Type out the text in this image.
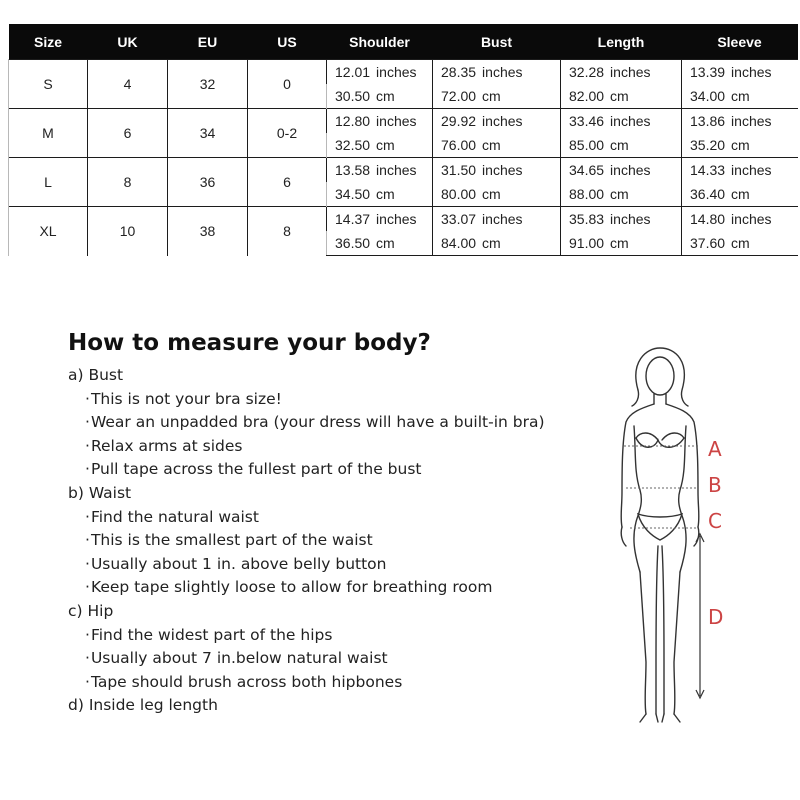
Size	UK	EU	US	Shoulder	Bust	Length	Sleeve
S	4	32	0	12.01 inches	28.35 inches	32.28 inches	13.39 inches
				30.50 cm	72.00 cm	82.00 cm	34.00 cm
M	6	34	0-2	12.80 inches	29.92 inches	33.46 inches	13.86 inches
				32.50 cm	76.00 cm	85.00 cm	35.20 cm
L	8	36	6	13.58 inches	31.50 inches	34.65 inches	14.33 inches
				34.50 cm	80.00 cm	88.00 cm	36.40 cm
XL	10	38	8	14.37 inches	33.07 inches	35.83 inches	14.80 inches
				36.50 cm	84.00 cm	91.00 cm	37.60 cm
How to measure your body?
a) Bust
· This is not your bra size!
· Wear an unpadded bra (your dress will have a built-in bra)
· Relax arms at sides
· Pull tape across the fullest part of the bust
b) Waist
· Find the natural waist
· This is the smallest part of the waist
· Usually about 1 in. above belly button
· Keep tape slightly loose to allow for breathing room
c) Hip
· Find the widest part of the hips
· Usually about 7 in.below natural waist
· Tape should brush across both hipbones
d) Inside leg length
A
B
C
D
